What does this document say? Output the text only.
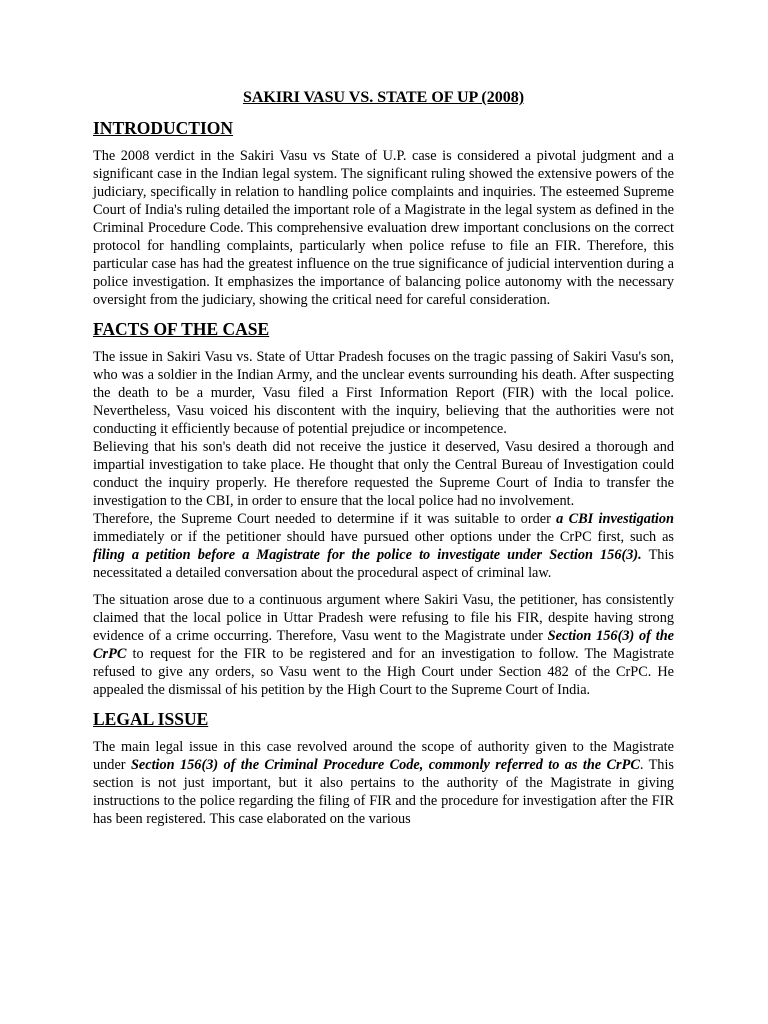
SAKIRI VASU VS. STATE OF UP (2008)
INTRODUCTION

The 2008 verdict in the Sakiri Vasu vs State of U.P. case is considered a pivotal judgment and a significant case in the Indian legal system. The significant ruling showed the extensive powers of the judiciary, specifically in relation to handling police complaints and inquiries. The esteemed Supreme Court of India's ruling detailed the important role of a Magistrate in the legal system as defined in the Criminal Procedure Code. This comprehensive evaluation drew important conclusions on the correct protocol for handling complaints, particularly when police refuse to file an FIR. Therefore, this particular case has had the greatest influence on the true significance of judicial intervention during a police investigation. It emphasizes the importance of balancing police autonomy with the necessary oversight from the judiciary, showing the critical need for careful consideration.

FACTS OF THE CASE

The issue in Sakiri Vasu vs. State of Uttar Pradesh focuses on the tragic passing of Sakiri Vasu's son, who was a soldier in the Indian Army, and the unclear events surrounding his death. After suspecting the death to be a murder, Vasu filed a First Information Report (FIR) with the local police. Nevertheless, Vasu voiced his discontent with the inquiry, believing that the authorities were not conducting it efficiently because of potential prejudice or incompetence.

Believing that his son's death did not receive the justice it deserved, Vasu desired a thorough and impartial investigation to take place. He thought that only the Central Bureau of Investigation could conduct the inquiry properly. He therefore requested the Supreme Court of India to transfer the investigation to the CBI, in order to ensure that the local police had no involvement.

Therefore, the Supreme Court needed to determine if it was suitable to order a CBI investigation immediately or if the petitioner should have pursued other options under the CrPC first, such as filing a petition before a Magistrate for the police to investigate under Section 156(3). This necessitated a detailed conversation about the procedural aspect of criminal law.

The situation arose due to a continuous argument where Sakiri Vasu, the petitioner, has consistently claimed that the local police in Uttar Pradesh were refusing to file his FIR, despite having strong evidence of a crime occurring. Therefore, Vasu went to the Magistrate under Section 156(3) of the CrPC to request for the FIR to be registered and for an investigation to follow. The Magistrate refused to give any orders, so Vasu went to the High Court under Section 482 of the CrPC. He appealed the dismissal of his petition by the High Court to the Supreme Court of India.

LEGAL ISSUE

The main legal issue in this case revolved around the scope of authority given to the Magistrate under Section 156(3) of the Criminal Procedure Code, commonly referred to as the CrPC. This section is not just important, but it also pertains to the authority of the Magistrate in giving instructions to the police regarding the filing of FIR and the procedure for investigation after the FIR has been registered. This case elaborated on the various
